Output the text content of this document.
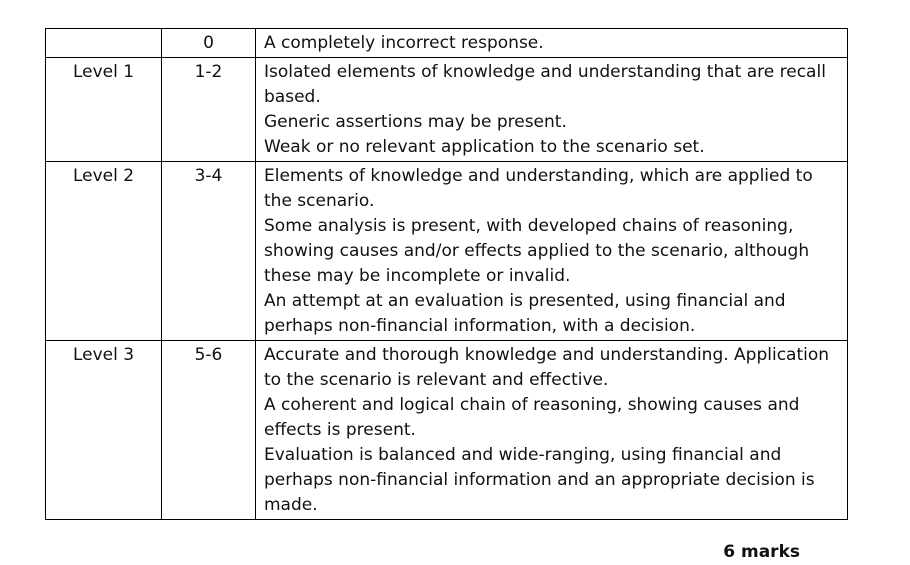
	0	A completely incorrect response.

Level 1	1-2	Isolated elements of knowledge and understanding that are recall based.
Generic assertions may be present.
Weak or no relevant application to the scenario set.

Level 2	3-4	Elements of knowledge and understanding, which are applied to the scenario.
Some analysis is present, with developed chains of reasoning, showing causes and/or effects applied to the scenario, although these may be incomplete or invalid.
An attempt at an evaluation is presented, using financial and perhaps non-financial information, with a decision.

Level 3	5-6	Accurate and thorough knowledge and understanding. Application to the scenario is relevant and effective.
A coherent and logical chain of reasoning, showing causes and effects is present.
Evaluation is balanced and wide-ranging, using financial and perhaps non-financial information and an appropriate decision is made.
6 marks
